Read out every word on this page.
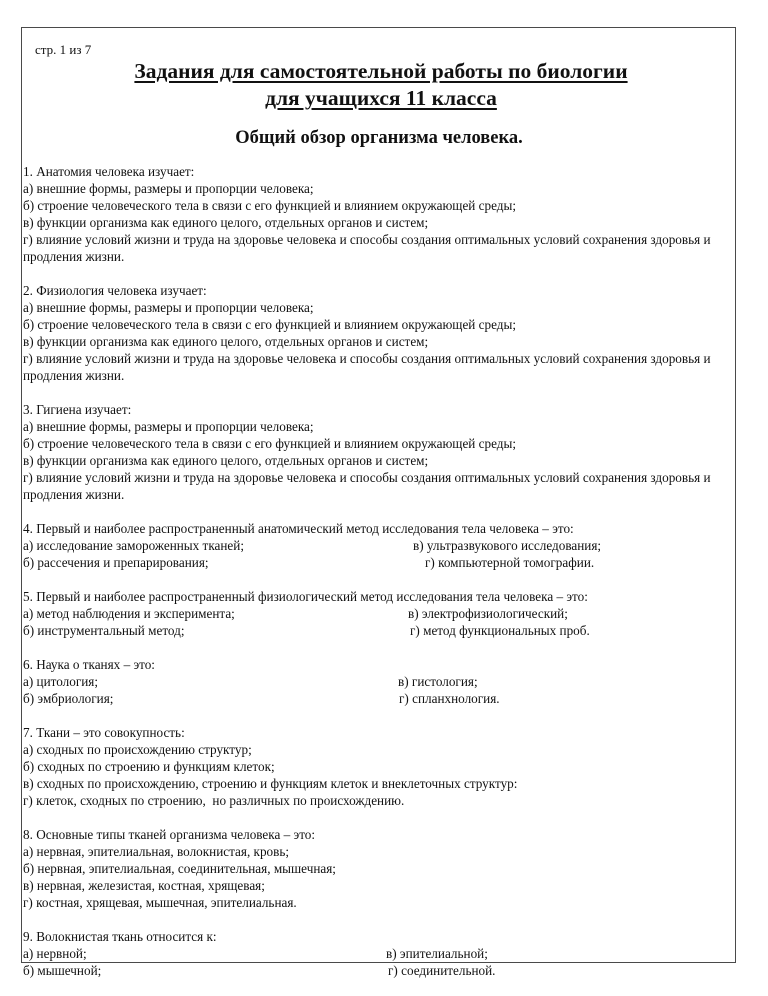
стр. 1 из 7
Задания для самостоятельной работы по биологии
для учащихся 11 класса
Общий обзор организма человека.
1. Анатомия человека изучает:
а) внешние формы, размеры и пропорции человека;
б) строение человеческого тела в связи с его функцией и влиянием окружающей среды;
в) функции организма как единого целого, отдельных органов и систем;
г) влияние условий жизни и труда на здоровье человека и способы создания оптимальных условий сохранения здоровья и продления жизни.
2. Физиология человека изучает:
а) внешние формы, размеры и пропорции человека;
б) строение человеческого тела в связи с его функцией и влиянием окружающей среды;
в) функции организма как единого целого, отдельных органов и систем;
г) влияние условий жизни и труда на здоровье человека и способы создания оптимальных условий сохранения здоровья и продления жизни.
3. Гигиена изучает:
а) внешние формы, размеры и пропорции человека;
б) строение человеческого тела в связи с его функцией и влиянием окружающей среды;
в) функции организма как единого целого, отдельных органов и систем;
г) влияние условий жизни и труда на здоровье человека и способы создания оптимальных условий сохранения здоровья и продления жизни.
4. Первый и наиболее распространенный анатомический метод исследования тела человека – это:
а) исследование замороженных тканей;	в) ультразвукового исследования;
б) рассечения и препарирования;	г) компьютерной томографии.
5. Первый и наиболее распространенный физиологический метод исследования тела человека – это:
а) метод наблюдения и эксперимента;	в) электрофизиологический;
б) инструментальный метод;	г) метод функциональных проб.
6. Наука о тканях – это:
а) цитология;	в) гистология;
б) эмбриология;	г) спланхнология.
7. Ткани – это совокупность:
а) сходных по происхождению структур;
б) сходных по строению и функциям клеток;
в) сходных по происхождению, строению и функциям клеток и внеклеточных структур:
г) клеток, сходных по строению,  но различных по происхождению.
8. Основные типы тканей организма человека – это:
а) нервная, эпителиальная, волокнистая, кровь;
б) нервная, эпителиальная, соединительная, мышечная;
в) нервная, железистая, костная, хрящевая;
г) костная, хрящевая, мышечная, эпителиальная.
9. Волокнистая ткань относится к:
а) нервной;	в) эпителиальной;
б) мышечной;	г) соединительной.
